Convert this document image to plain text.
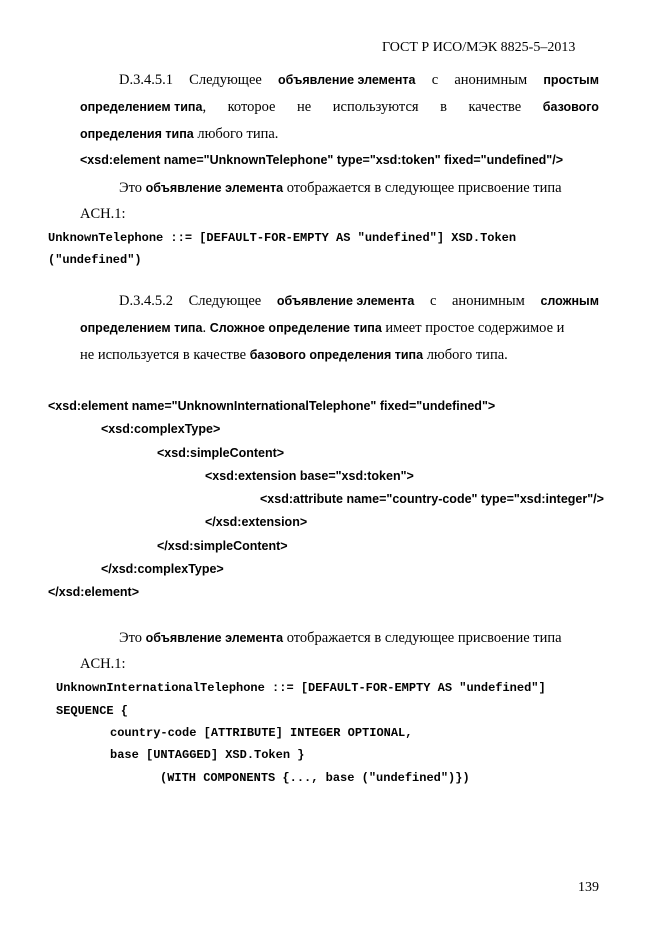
ГОСТ Р ИСО/МЭК 8825-5–2013
D.3.4.5.1 Следующее объявление элемента с анонимным простым
определением типа, которое не используются в качестве базового
определения типа любого типа.
<xsd:element name="UnknownTelephone" type="xsd:token" fixed="undefined"/>
Это объявление элемента отображается в следующее присвоение типа
ACH.1:
UnknownTelephone ::= [DEFAULT-FOR-EMPTY AS "undefined"] XSD.Token
("undefined")
D.3.4.5.2 Следующее объявление элемента с анонимным сложным
определением типа. Сложное определение типа имеет простое содержимое и
не используется в качестве базового определения типа любого типа.
<xsd:element name="UnknownInternationalTelephone" fixed="undefined">
<xsd:complexType>
<xsd:simpleContent>
<xsd:extension base="xsd:token">
<xsd:attribute name="country-code" type="xsd:integer"/>
</xsd:extension>
</xsd:simpleContent>
</xsd:complexType>
</xsd:element>
Это объявление элемента отображается в следующее присвоение типа
ACH.1:
UnknownInternationalTelephone ::= [DEFAULT-FOR-EMPTY AS "undefined"]
SEQUENCE {
country-code [ATTRIBUTE] INTEGER OPTIONAL,
base [UNTAGGED] XSD.Token }
(WITH COMPONENTS {..., base ("undefined")})
139
